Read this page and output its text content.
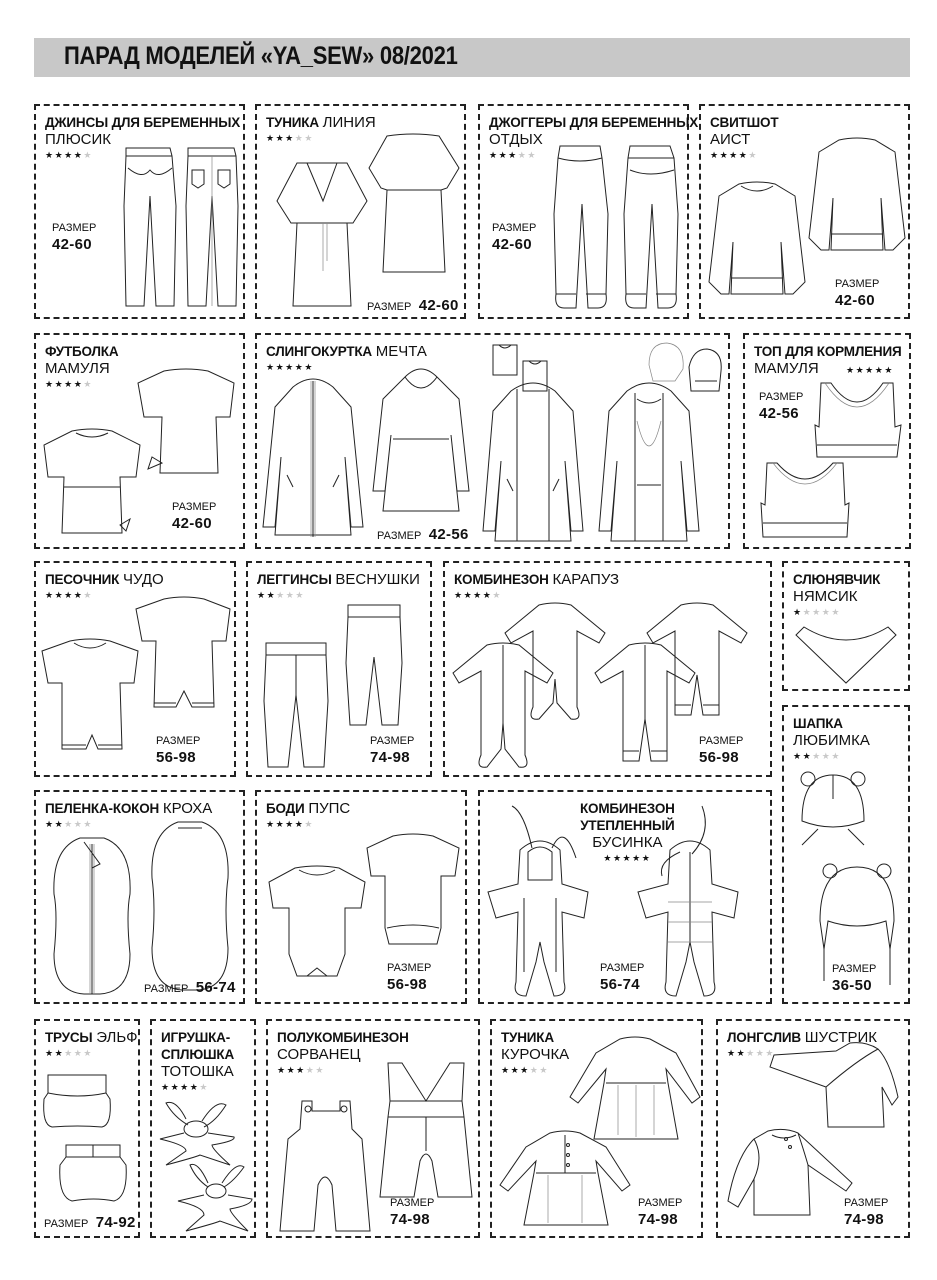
ПАРАД МОДЕЛЕЙ «YA_SEW» 08/2021
ДЖИНСЫ ДЛЯ БЕРЕМЕННЫХ
ПЛЮСИК
★★★★★
РАЗМЕР
42-60
ТУНИКА ЛИНИЯ
★★★★★
РАЗМЕР 42-60
ДЖОГГЕРЫ ДЛЯ БЕРЕМЕННЫХ
ОТДЫХ
★★★★★
РАЗМЕР
42-60
СВИТШОТ
АИСТ
★★★★★
РАЗМЕР
42-60
ФУТБОЛКА
МАМУЛЯ
★★★★★
РАЗМЕР
42-60
СЛИНГОКУРТКА МЕЧТА
★★★★★
РАЗМЕР 42-56
ТОП ДЛЯ КОРМЛЕНИЯ
МАМУЛЯ	★★★★★
РАЗМЕР
42-56
ПЕСОЧНИК ЧУДО
★★★★★
РАЗМЕР
56-98
ЛЕГГИНСЫ ВЕСНУШКИ
★★★★★
РАЗМЕР
74-98
КОМБИНЕЗОН КАРАПУЗ
★★★★★
РАЗМЕР
56-98
СЛЮНЯВЧИК
НЯМСИК
★★★★★
ШАПКА
ЛЮБИМКА
★★★★★
РАЗМЕР
36-50
ПЕЛЕНКА-КОКОН КРОХА
★★★★★
РАЗМЕР 56-74
БОДИ ПУПС
★★★★★
РАЗМЕР
56-98
КОМБИНЕЗОН
УТЕПЛЕННЫЙ
БУСИНКА
★★★★★
РАЗМЕР
56-74
ТРУСЫ ЭЛЬФ
★★★★★
РАЗМЕР 74-92
ИГРУШКА-
СПЛЮШКА
ТОТОШКА
★★★★★
ПОЛУКОМБИНЕЗОН
СОРВАНЕЦ
★★★★★
РАЗМЕР
74-98
ТУНИКА
КУРОЧКА
★★★★★
РАЗМЕР
74-98
ЛОНГСЛИВ ШУСТРИК
★★★★★
РАЗМЕР
74-98
